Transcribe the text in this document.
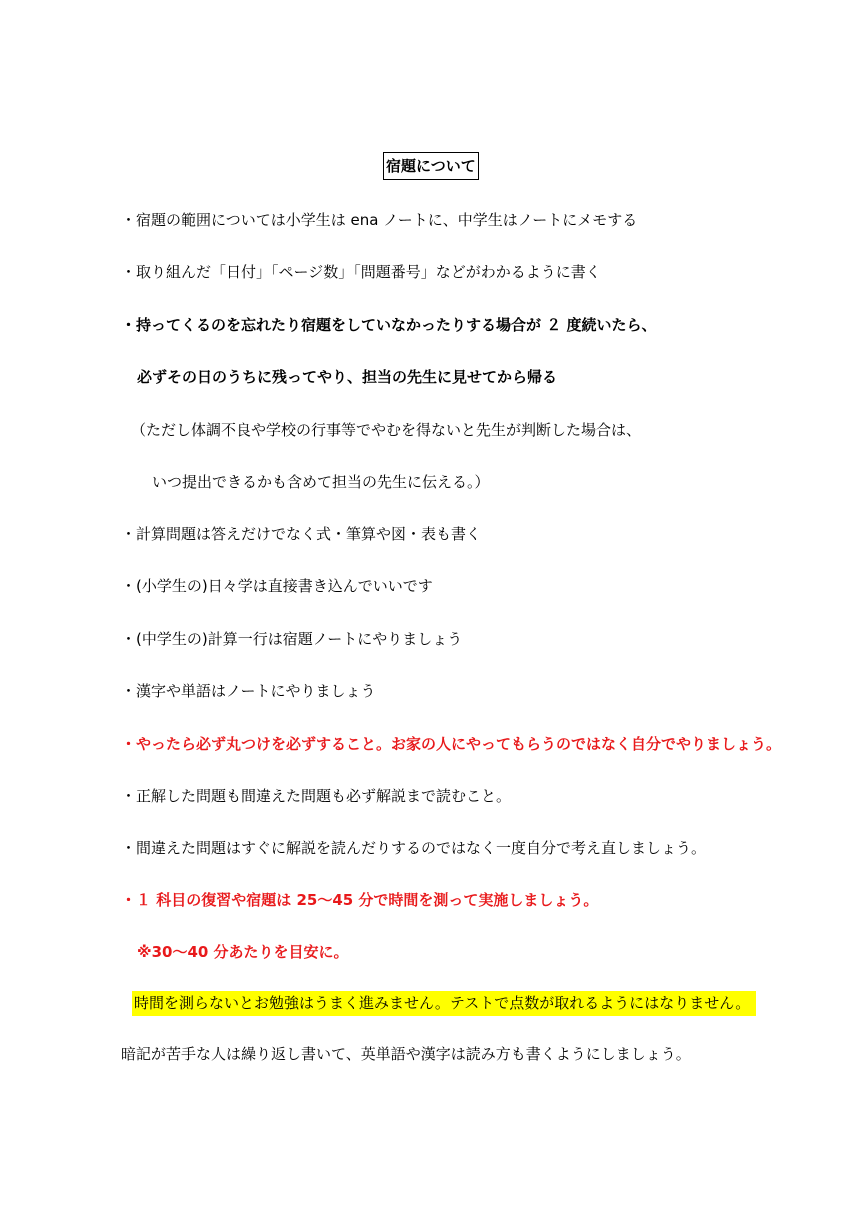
宿題について
・宿題の範囲については小学生は ena ノートに、中学生はノートにメモする
・取り組んだ「日付」「ページ数」「問題番号」などがわかるように書く
・持ってくるのを忘れたり宿題をしていなかったりする場合が ２ 度続いたら、
必ずその日のうちに残ってやり、担当の先生に見せてから帰る
（ただし体調不良や学校の行事等でやむを得ないと先生が判断した場合は、
いつ提出できるかも含めて担当の先生に伝える。）
・計算問題は答えだけでなく式・筆算や図・表も書く
・(小学生の)日々学は直接書き込んでいいです
・(中学生の)計算一行は宿題ノートにやりましょう
・漢字や単語はノートにやりましょう
・やったら必ず丸つけを必ずすること。お家の人にやってもらうのではなく自分でやりましょう。
・正解した問題も間違えた問題も必ず解説まで読むこと。
・間違えた問題はすぐに解説を読んだりするのではなく一度自分で考え直しましょう。
・１ 科目の復習や宿題は 25～45 分で時間を測って実施しましょう。
※30～40 分あたりを目安に。
時間を測らないとお勉強はうまく進みません。テストで点数が取れるようにはなりません。
暗記が苦手な人は繰り返し書いて、英単語や漢字は読み方も書くようにしましょう。
